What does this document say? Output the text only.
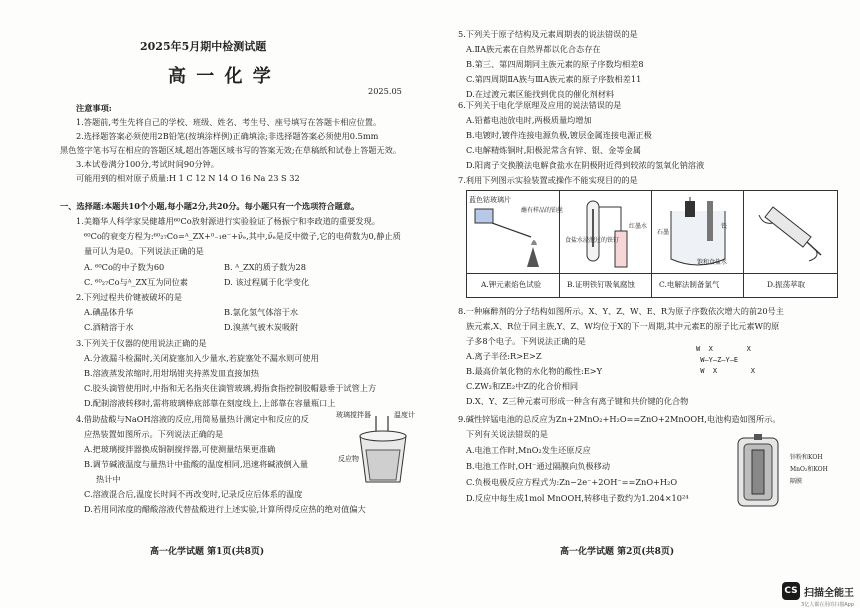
2025年5月期中检测试题
高 一 化 学
2025.05
注意事项:
1.答题前,考生先将自己的学校、班级、姓名、考生号、座号填写在答题卡相应位置。
2.选择题答案必须使用2B铅笔(按填涂样例)正确填涂;非选择题答案必须使用0.5mm
黑色签字笔书写在相应的答题区域,超出答题区域书写的答案无效;在草稿纸和试卷上答题无效。
3.本试卷满分100分,考试时间90分钟。
可能用到的相对原子质量:H 1 C 12 N 14 O 16 Na 23 S 32
一、选择题:本题共10个小题,每小题2分,共20分。每小题只有一个选项符合题意。
1.美籍华人科学家吴健雄用⁶⁰Co放射源进行实验验证了杨振宁和李政道的重要发现。
⁶⁰Co的衰变方程为:⁶⁰₂₇Co=ᴬ_ZX+⁰₋₁e⁻+ν̄ₑ,其中,ν̄ₑ是反中微子,它的电荷数为0,静止质
量可认为是0。下列说法正确的是
A. ⁶⁰Co的中子数为60	B. ᴬ_ZX的质子数为28
C. ⁶⁰₂₇Co与ᴬ_ZX互为同位素	D. 该过程属于化学变化
2.下列过程共价键被破坏的是
A.碘晶体升华	B.氯化氢气体溶于水
C.酒精溶于水	D.溴蒸气被木炭吸附
3.下列关于仪器的使用说法正确的是
A.分液漏斗检漏时,关闭旋塞加入少量水,若旋塞处不漏水则可使用
B.溶液蒸发浓缩时,用坩埚钳夹持蒸发皿直接加热
C.胶头滴管使用时,中指和无名指夹住滴管玻璃,拇指食指控制胶帽悬垂于试管上方
D.配制溶液转移时,需将玻璃棒底部靠在刻度线上,上部靠在容量瓶口上
4.借助盐酸与NaOH溶液的反应,用简易量热计测定中和反应的反
应热装置如图所示。下列说法正确的是
A.把玻璃搅拌器换成铜制搅拌器,可使测量结果更准确
B.调节碱液温度与量热计中盐酸的温度相同,迅速将碱液倒入量
热计中
C.溶液混合后,温度长时间不再改变时,记录反应后体系的温度
D.若用同浓度的醋酸溶液代替盐酸进行上述实验,计算所得反应热的绝对值偏大
玻璃搅拌器	温度计
反应物
高一化学试题 第1页(共8页)
5.下列关于原子结构及元素周期表的说法错误的是
A.ⅡA族元素在自然界都以化合态存在
B.第三、第四周期同主族元素的原子序数均相差8
C.第四周期ⅡA族与ⅢA族元素的原子序数相差11
D.在过渡元素区能找到优良的催化剂材料
6.下列关于电化学原理及应用的说法错误的是
A.铅蓄电池放电时,两极质量均增加
B.电镀时,镀件连接电源负极,镀层金属连接电源正极
C.电解精炼铜时,阳极泥常含有锌、银、金等金属
D.阳离子交换膜法电解食盐水在阴极附近得到较浓的氢氧化钠溶液
7.利用下列图示实验装置或操作不能实现目的的是
蓝色钴玻璃片
蘸有样品的铂丝
食盐水浸泡过的铁钉
红墨水
石墨
铁
饱和食盐水
A.钾元素焰色试验	B.证明铁钉吸氧腐蚀	C.电解法制备氯气	D.振荡萃取
8.一种麻醉剂的分子结构如图所示。X、Y、Z、W、E、R为原子序数依次增大的前20号主
族元素,X、R位于同主族,Y、Z、W均位于X的下一周期,其中元素E的原子比元素W的原
子多8个电子。下列说法正确的是
A.离子半径:R>E>Z
B.最高价氧化物的水化物的酸性:E>Y
C.ZW₂和ZE₂中Z的化合价相同
D.X、Y、Z三种元素可形成一种含有离子键和共价键的化合物
W  X        X
W—Y—Z—Y—E
W  X        X
9.碱性锌锰电池的总反应为Zn+2MnO₂+H₂O==ZnO+2MnOOH,电池构造如图所示。
下列有关说法错误的是
A.电池工作时,MnO₂发生还原反应
B.电池工作时,OH⁻通过隔膜向负极移动
C.负极电极反应方程式为:Zn−2e⁻+2OH⁻==ZnO+H₂O
D.反应中每生成1mol MnOOH,转移电子数约为1.204×10²⁴
锌粉和KOH
MnO₂和KOH
隔膜
高一化学试题 第2页(共8页)
CS 扫描全能王
3亿人都在用的扫描App
